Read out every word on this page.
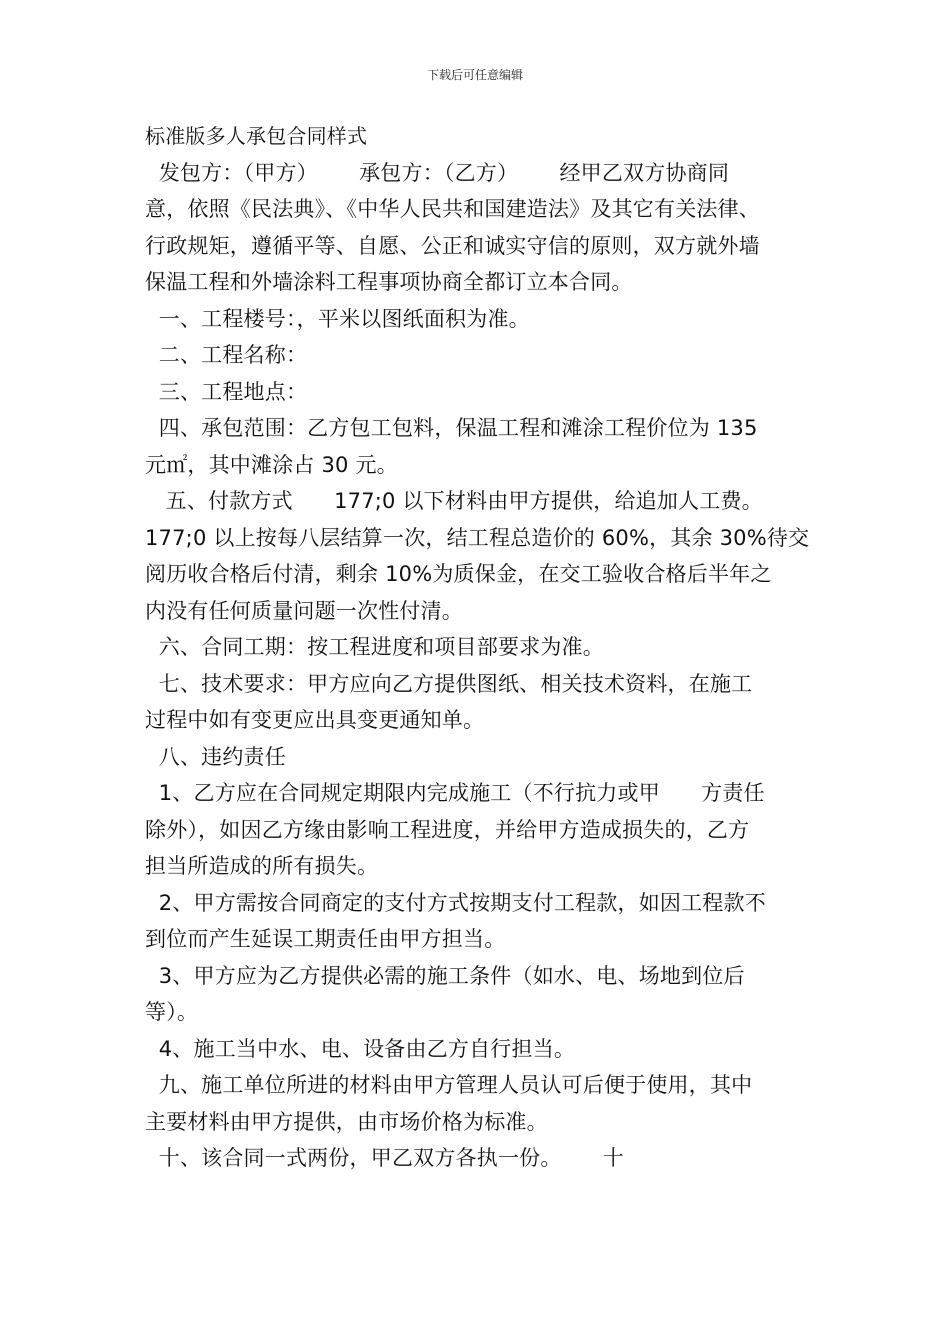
下载后可任意编辑
标准版多人承包合同样式
发包方：（甲方）      承包方：（乙方）      经甲乙双方协商同
意，依照《民法典》、《中华人民共和国建造法》及其它有关法律、
行政规矩，遵循平等、自愿、公正和诚实守信的原则，双方就外墙
保温工程和外墙涂料工程事项协商全都订立本合同。
一、工程楼号：，平米以图纸面积为准。
二、工程名称：
三、工程地点：
四、承包范围：乙方包工包料，保温工程和滩涂工程价位为 135
元㎡，其中滩涂占 30 元。
五、付款方式      177;0 以下材料由甲方提供，给追加人工费。
177;0 以上按每八层结算一次，结工程总造价的 60%，其余 30%待交
阅历收合格后付清，剩余 10%为质保金，在交工验收合格后半年之
内没有任何质量问题一次性付清。
六、合同工期：按工程进度和项目部要求为准。
七、技术要求：甲方应向乙方提供图纸、相关技术资料，在施工
过程中如有变更应出具变更通知单。
八、违约责任
1、乙方应在合同规定期限内完成施工（不行抗力或甲      方责任
除外），如因乙方缘由影响工程进度，并给甲方造成损失的，乙方
担当所造成的所有损失。
2、甲方需按合同商定的支付方式按期支付工程款，如因工程款不
到位而产生延误工期责任由甲方担当。
3、甲方应为乙方提供必需的施工条件（如水、电、场地到位后
等）。
4、施工当中水、电、设备由乙方自行担当。
九、施工单位所进的材料由甲方管理人员认可后便于使用，其中
主要材料由甲方提供，由市场价格为标准。
十、该合同一式两份，甲乙双方各执一份。      十
